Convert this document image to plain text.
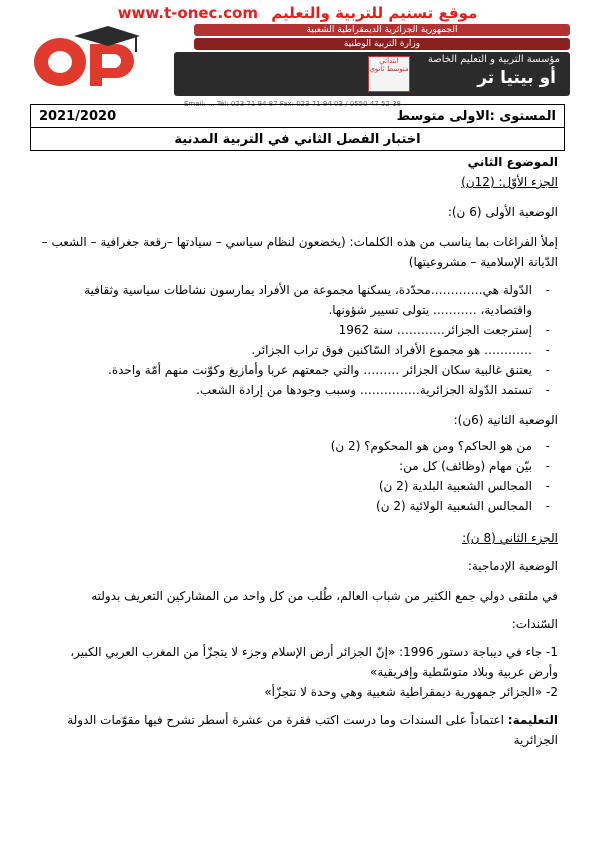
www.t-onec.com موقع تسنيم للتربية والتعليم
الجمهورية الجزائرية الديمقراطية الشعبية
وزارة التربية الوطنية
مؤسسة التربية و التعليم الخاصة
أو بيتيا تر
ابتدائي متوسط ثانوي
Email: ... Tél: 023 71 94 87 Fax: 023 71 94 03 / 0550 47 52 38
المستوى :الاولى متوسط
2021/2020
اختبار الفصل الثاني في التربية المدنية

الموضوع الثاني

الجزء الأوّل: (12ن)

الوضعية الأولى (6 ن):

إملأ الفراغات بما يناسب من هذه الكلمات: (يخضعون لنظام سياسي – سيادتها –رقعة جغرافية – الشعب – الدّيانة الإسلامية – مشروعيتها)

- الدّولة هي………….محدّدة، يسكنها مجموعة من الأفراد يمارسون نشاطات سياسية وثقافية واقتصادية، ……….. يتولى تسيير شؤونها.
- إسترجعت الجزائر………… سنة 1962
- ………… هو مجموع الأفراد السّاكنين فوق تراب الجزائر.
- يعتنق غالبية سكان الجزائر ……… والتي جمعتهم عربا وأمازيغ وكوّنت منهم أمّة واحدة.
- تستمد الدّولة الجزائرية…………… وسبب وجودها من إرادة الشعب.

الوضعية الثانية (6ن):

- من هو الحاكم؟ ومن هو المحكوم؟ (2 ن)
- بيّن مهام (وظائف) كل من:
- المجالس الشعبية البلدية (2 ن)
- المجالس الشعبية الولائية (2 ن)

الجزء الثاني (8 ن):

الوضعية الإدماجية:

في ملتقى دولي جمع الكثير من شباب العالم، طُلب من كل واحد من المشاركين التعريف بدولته

السّندات:

1- جاء في ديباجة دستور 1996: «إنّ الجزائر أرض الإسلام وجزء لا يتجزّأ من المغرب العربي الكبير، وأرض عربية وبلاد متوسّطية وإفريقية»

2- «الجزائر جمهورية ديمقراطية شعبية وهي وحدة لا تتجزّأ»

التعليمة: اعتماداً على السندات وما درست اكتب فقرة من عشرة أسطر تشرح فيها مقوّمات الدولة الجزائرية
